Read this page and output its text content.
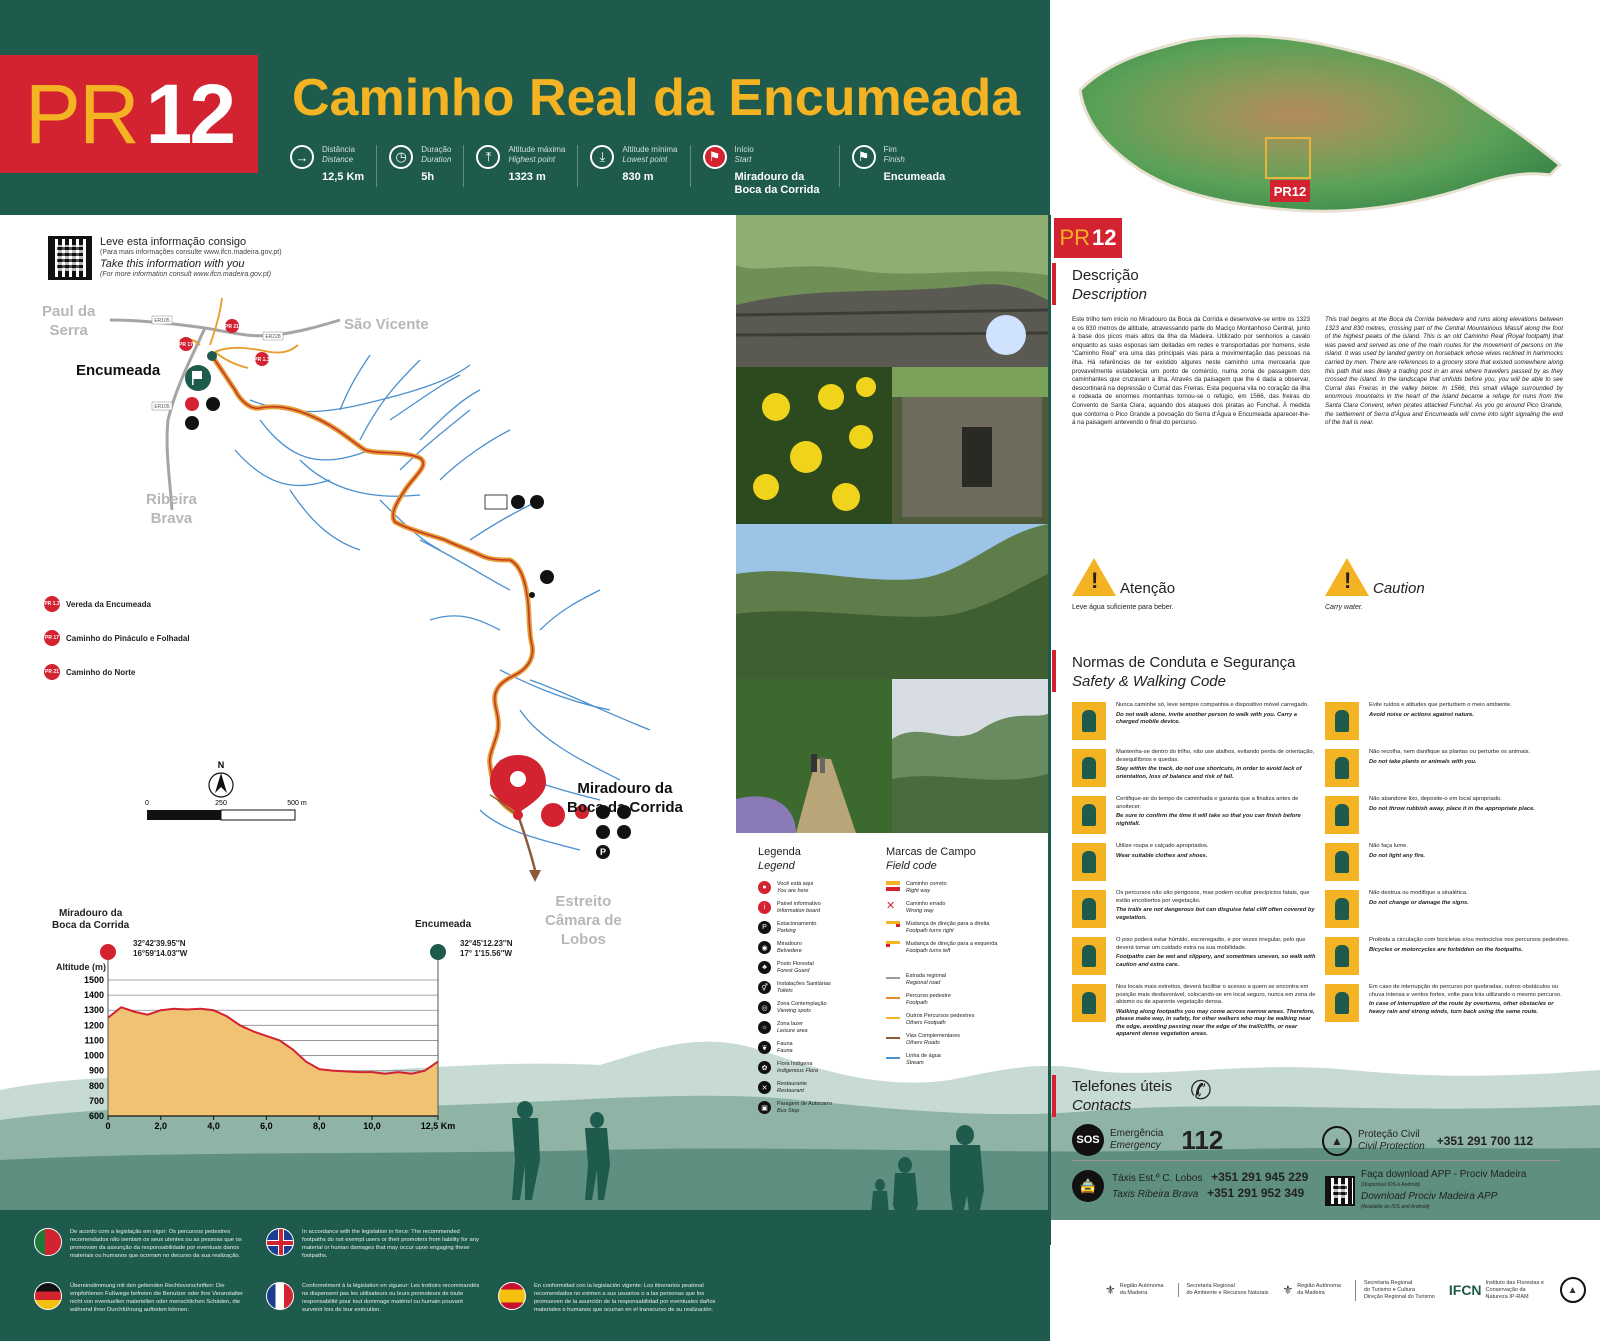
PR 12 Caminho Real da Encumeada
→	Distância
Distance
12,5 Km
◷	Duração
Duration
5h
⤒	Altitude máxima
Highest point
1323 m
⤓	Altitude mínima
Lowest point
830 m
⚑	Início
Start
Miradouro da Boca da Corrida
⚑	Fim
Finish
Encumeada
PR12
Leve esta informação consigo
(Para mais informações consulte www.ifcn.madeira.gov.pt)
Take this information with you
(For more information consult www.ifcn.madeira.gov.pt)
ER105
ER228
ER105
PR 21
PR 17
PR 1.3
P
N
0	250	500 m
Paul da
Serra	São Vicente
Encumeada
Ribeira
Brava
Miradouro da
Boca da Corrida
Estreito
Câmara de
Lobos
PR 1.3 Vereda da Encumeada
PR 17 Caminho do Pináculo e Folhadal
PR 21 Caminho do Norte
Miradouro da
Boca da Corrida
32°42'39.95''N
16°59'14.03''W
Encumeada
32°45'12.23''N
17° 1'15.56''W
Altitude (m)
600
700
800
900
1000
1100
1200
1300
1400
1500
0	2,0	4,0	6,0	8,0	10,0	12,5 Km
Legenda
Legend
●	Você está aqui
You are here
i	Painel informativo
Information board
P	Estacionamento
Parking
◉
Miradouro
Belvedere
♣	Posto Florestal
Forest Guard
⚥
Instalações Sanitárias
Toilets
◎
Zona Contemplação
Viewing spots
☼	Zona lazer
Leisure area
❦
Fauna
Fauna
✿
Flora Indígena
Indigenous Flora
✕
Restaurante
Restaurant
▣
Paragem de Autocarro
Bus Stop
Marcas de Campo
Field code
Caminho correto
Right way
✕	Caminho errado
Wrong way
Mudança de direção para a direita
Footpath turns right
Mudança de direção para a esquerda
Footpath turns left
Estrada regional
Regional road
Percurso pedestre
Footpath
Outros Percursos pedestres
Others Footpath
Vias Complementares
Others Roads
Linha de água
Stream
PR 12
Descrição
Description
Este trilho tem início no Miradouro da Boca da Corrida e desenvolve-se entre os 1323 e os 830 metros de altitude, atravessando parte do Maciço Montanhoso Central, junto à base dos picos mais altos da Ilha da Madeira. Utilizado por senhorios a cavalo enquanto as suas esposas iam deitadas em redes e transportadas por homens, este "Caminho Real" era uma das principais vias para a movimentação das pessoas na ilha. Há referências de ter existido algures neste caminho uma mercearia que provavelmente estabelecia um ponto de comércio, numa zona de passagem dos caminhantes que cruzavam a ilha. Através da paisagem que lhe é dada a observar, descortinará na depressão o Curral das Freiras. Esta pequena vila no coração da ilha e rodeada de enormes montanhas tornou-se o refúgio, em 1566, das freiras do Convento de Santa Clara, aquando dos ataques dos piratas ao Funchal. À medida que contorna o Pico Grande a povoação do Serra d'Água e Encumeada aparecer-lhe-á na paisagem antevendo o final do percurso.
This trail begins at the Boca da Corrida belvedere and runs along elevations between 1323 and 830 metres, crossing part of the Central Mountainous Massif along the foot of the highest peaks of the island. This is an old Caminho Real (Royal footpath) that was paved and served as one of the main routes for the movement of persons on the island. It was used by landed gentry on horseback whose wives reclined in hammocks carried by men. There are references to a grocery store that existed somewhere along this path that was likely a trading post in an area where travellers passed by as they crossed the island. In the landscape that unfolds before you, you will be able to see Curral das Freiras in the valley below. In 1566, this small village surrounded by enormous mountains in the heart of the island became a refuge for nuns from the Santa Clara Convent, when pirates attacked Funchal. As you go around Pico Grande, the settlement of Serra d'Água and Encumeada will come into sight signaling the end of the trail is near.
! Atenção
Leve água suficiente para beber.
! Caution
Carry water.
Normas de Conduta e Segurança
Safety & Walking Code
Nunca caminhe só, leve sempre companhia e dispositivo móvel carregado.
Do not walk alone, invite another person to walk with you. Carry a charged mobile device.
Mantenha-se dentro do trilho, não use atalhos, evitando perda de orientação, desequilíbrios e quedas.
Stay within the track, do not use shortcuts, in order to avoid lack of orientation, loss of balance and risk of fall.
Certifique-se do tempo de caminhada e garanta que a finaliza antes de anoitecer.
Be sure to confirm the time it will take so that you can finish before nightfall.
Utilize roupa e calçado apropriados.
Wear suitable clothes and shoes.
Os percursos não são perigosos, mas podem ocultar precipícios fatais, que estão encobertos por vegetação.
The trails are not dangerous but can disguise fatal cliff often covered by vegetation.
O piso poderá estar húmido, escorregadio, e por vezes irregular, pelo que deverá tomar um cuidado extra na sua mobilidade.
Footpaths can be wet and slippery, and sometimes uneven, so walk with caution and extra care.
Nos locais mais estreitos, deverá facilitar o acesso a quem se encontra em posição mais desfavorável, colocando-se em local seguro, nunca em zona de abismo ou de aparente vegetação densa.
Walking along footpaths you may come across narrow areas. Therefore, please make way, in safety, for other walkers who may be walking near the edge, avoiding passing near the edge of the trail/cliffs, or near apparent dense vegetation areas.
Evite ruídos e atitudes que perturbem o meio ambiente.
Avoid noise or actions against nature.
Não recolha, nem danifique as plantas ou perturbe os animais.
Do not take plants or animals with you.
Não abandone lixo, deposite-o em local apropriado.
Do not throw rubbish away, place it in the appropriate place.
Não faça lume.
Do not light any fire.
Não destrua ou modifique a sinalética.
Do not change or damage the signs.
Proibida a circulação com bicicletas e/ou motociclos nos percursos pedestres.
Bicycles or motorcycles are forbidden on the footpaths.
Em caso de interrupção do percurso por quebradas, outros obstáculos ou chuva intensa e ventos fortes, volte para trás utilizando o mesmo percurso.
In case of interruption of the route by overturns, other obstacles or heavy rain and strong winds, turn back using the same route.
Telefones úteis
Contacts
✆
SOS
Emergência
Emergency 112	▲	Proteção Civil
Civil Protection +351 291 700 112
🚖	Táxis Est.º C. Lobos +351 291 945 229
Taxis Ribeira Brava +351 291 952 349
Faça download APP - Prociv Madeira
(Disponível IOS e Android)
Download Prociv Madeira APP
(Available on IOS and Android)
De acordo com a legislação em vigor: Os percursos pedestres recomendados não isentam os seus utentes ou as pessoas que os promovam da assunção da responsabilidade por eventuais danos materiais ou humanos que ocorram no decurso da sua realização.
In accordance with the legislation in force: The recommended footpaths do not exempt users or their promoters from liability for any material or human damages that may occur upon engaging these footpaths.
Übereinstimmung mit den geltenden Rechtsvorschriften: Die empfohlenen Fußwege befreien die Benutzer oder ihre Veranstalter nicht von eventuellen materiellen oder menschlichen Schäden, die während ihrer Durchführung auftreten können.
Conformément à la législation en vigueur: Les trottoirs recommandés ne dispensent pas les utilisateurs ou leurs promoteurs de toute responsabilité pour tout dommage matériel ou humain pouvant survenir lors de leur exécution.
En conformidad con la legislación vigente: Los itinerarios peatonal recomendados no eximen a sus usuarios o a las personas que los promueven de la asunción de la responsabilidad por eventuales daños materiales o humanos que ocurran en el transcurso de su realización.
⚜ Região Autónoma
da Madeira
Secretaria Regional
do Ambiente e Recursos Naturais ⚜ Região Autónoma
da Madeira
Secretaria Regional
do Turismo e Cultura
Direção Regional do Turismo IFCN Instituto das Florestas e Conservação da Natureza IP-RAM
▲
